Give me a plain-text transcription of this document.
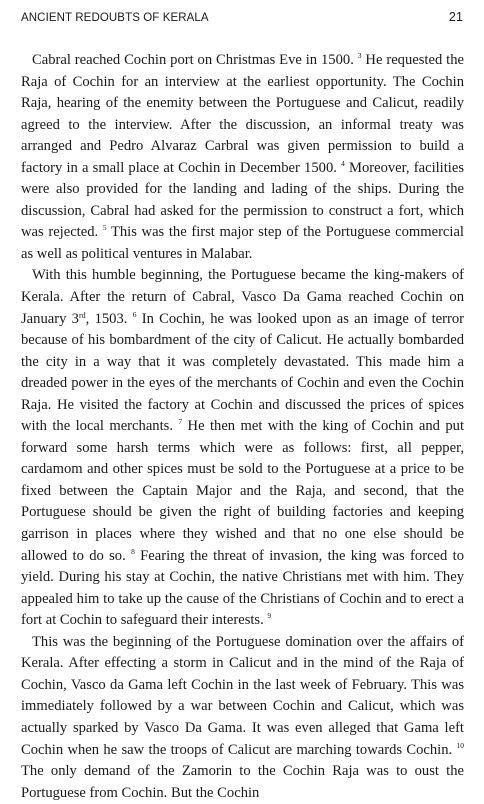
ANCIENT REDOUBTS OF KERALA	21

Cabral reached Cochin port on Christmas Eve in 1500. $^3$ He requested the Raja of Cochin for an interview at the earliest opportunity. The Cochin Raja, hearing of the enemity between the Portuguese and Calicut, readily agreed to the interview. After the discussion, an informal treaty was arranged and Pedro Alvaraz Carbral was given permission to build a factory in a small place at Cochin in December 1500. $^4$ Moreover, facilities were also provided for the landing and lading of the ships. During the discussion, Cabral had asked for the permission to construct a fort, which was rejected. $^5$ This was the first major step of the Portuguese commercial as well as political ventures in Malabar.

With this humble beginning, the Portuguese became the king-makers of Kerala. After the return of Cabral, Vasco Da Gama reached Cochin on January 3rd, 1503. $^6$ In Cochin, he was looked upon as an image of terror because of his bombardment of the city of Calicut. He actually bombarded the city in a way that it was completely devastated. This made him a dreaded power in the eyes of the merchants of Cochin and even the Cochin Raja. He visited the factory at Cochin and discussed the prices of spices with the local merchants. $^7$ He then met with the king of Cochin and put forward some harsh terms which were as follows: first, all pepper, cardamom and other spices must be sold to the Portuguese at a price to be fixed between the Captain Major and the Raja, and second, that the Portuguese should be given the right of building factories and keeping garrison in places where they wished and that no one else should be allowed to do so. $^8$ Fearing the threat of invasion, the king was forced to yield. During his stay at Cochin, the native Christians met with him. They appealed him to take up the cause of the Christians of Cochin and to erect a fort at Cochin to safeguard their interests. $^9$

This was the beginning of the Portuguese domination over the affairs of Kerala. After effecting a storm in Calicut and in the mind of the Raja of Cochin, Vasco da Gama left Cochin in the last week of February. This was immediately followed by a war between Cochin and Calicut, which was actually sparked by Vasco Da Gama. It was even alleged that Gama left Cochin when he saw the troops of Calicut are marching towards Cochin. $^{10}$ The only demand of the Zamorin to the Cochin Raja was to oust the Portuguese from Cochin. But the Cochin
